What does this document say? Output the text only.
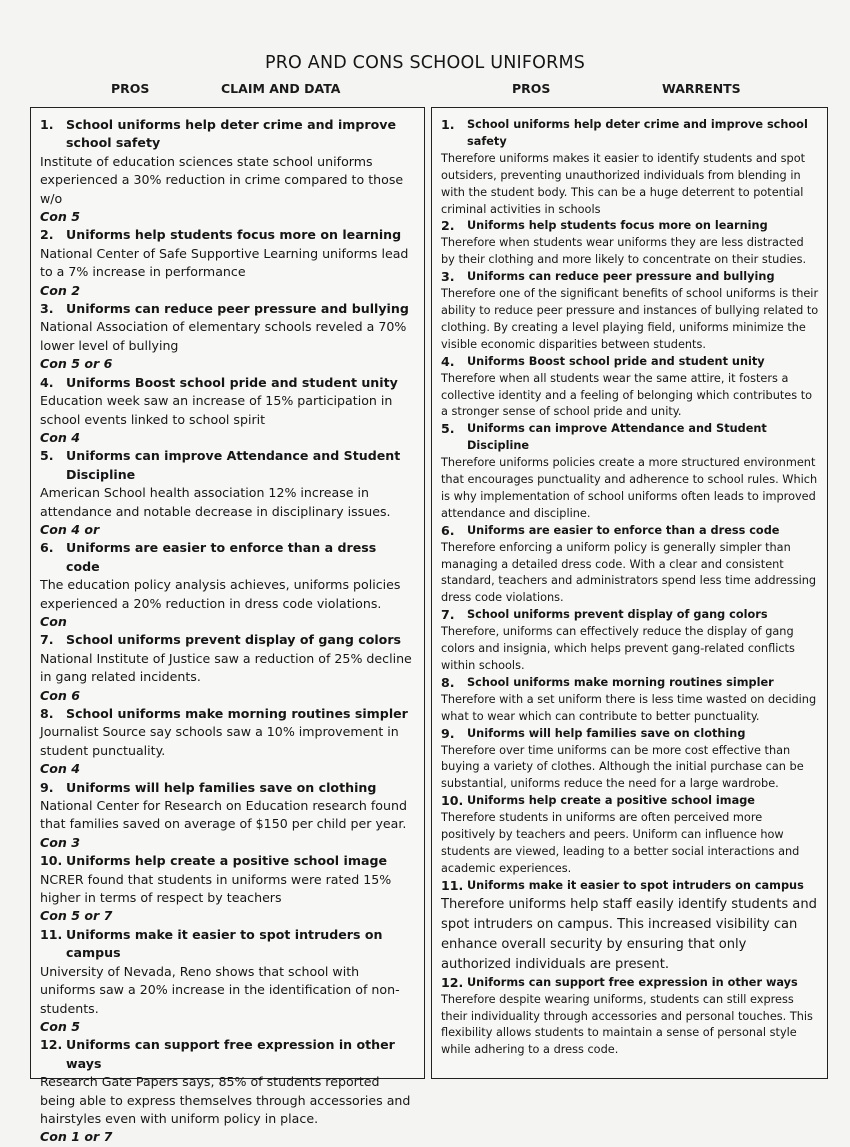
PRO AND CONS SCHOOL UNIFORMS
PROS	CLAIM AND DATA	PROS	WARRENTS
1. School uniforms help deter crime and improve school safety
Institute of education sciences state school uniforms experienced a 30% reduction in crime compared to those w/o
Con 5
2. Uniforms help students focus more on learning
National Center of Safe Supportive Learning uniforms lead to a 7% increase in performance
Con 2
3. Uniforms can reduce peer pressure and bullying
National Association of elementary schools reveled a 70% lower level of bullying
Con 5 or 6
4. Uniforms Boost school pride and student unity
Education week saw an increase of 15% participation in school events linked to school spirit
Con 4
5. Uniforms can improve Attendance and Student Discipline
American School health association 12% increase in attendance and notable decrease in disciplinary issues.
Con 4 or
6. Uniforms are easier to enforce than a dress code
The education policy analysis achieves, uniforms policies experienced a 20% reduction in dress code violations.
Con
7. School uniforms prevent display of gang colors
National Institute of Justice saw a reduction of 25% decline in gang related incidents.
Con 6
8. School uniforms make morning routines simpler
Journalist Source say schools saw a 10% improvement in student punctuality.
Con 4
9. Uniforms will help families save on clothing
National Center for Research on Education research found that families saved on average of $150 per child per year.
Con 3
10. Uniforms help create a positive school image
NCRER found that students in uniforms were rated 15% higher in terms of respect by teachers
Con 5 or 7
11. Uniforms make it easier to spot intruders on campus
University of Nevada, Reno shows that school with uniforms saw a 20% increase in the identification of non-students.
Con 5
12. Uniforms can support free expression in other ways
Research Gate Papers says, 85% of students reported being able to express themselves through accessories and hairstyles even with uniform policy in place.
Con 1 or 7
1.	School uniforms help deter crime and improve school safety
Therefore uniforms makes it easier to identify students and spot outsiders, preventing unauthorized individuals from blending in with the student body. This can be a huge deterrent to potential criminal activities in schools
2.	Uniforms help students focus more on learning
Therefore when students wear uniforms they are less distracted by their clothing and more likely to concentrate on their studies.
3.	Uniforms can reduce peer pressure and bullying
Therefore one of the significant benefits of school uniforms is their ability to reduce peer pressure and instances of bullying related to clothing. By creating a level playing field, uniforms minimize the visible economic disparities between students.
4.	Uniforms Boost school pride and student unity
Therefore when all students wear the same attire, it fosters a collective identity and a feeling of belonging which contributes to a stronger sense of school pride and unity.
5.	Uniforms can improve Attendance and Student Discipline
Therefore uniforms policies create a more structured environment that encourages punctuality and adherence to school rules. Which is why implementation of school uniforms often leads to improved attendance and discipline.
6.	Uniforms are easier to enforce than a dress code
Therefore enforcing a uniform policy is generally simpler than managing a detailed dress code. With a clear and consistent standard, teachers and administrators spend less time addressing dress code violations.
7.	School uniforms prevent display of gang colors
Therefore, uniforms can effectively reduce the display of gang colors and insignia, which helps prevent gang-related conflicts within schools.
8.	School uniforms make morning routines simpler
Therefore with a set uniform there is less time wasted on deciding what to wear which can contribute to better punctuality.
9.	Uniforms will help families save on clothing
Therefore over time uniforms can be more cost effective than buying a variety of clothes. Although the initial purchase can be substantial, uniforms reduce the need for a large wardrobe.
10. Uniforms help create a positive school image
Therefore students in uniforms are often perceived more positively by teachers and peers. Uniform can influence how students are viewed, leading to a better social interactions and academic experiences.
11. Uniforms make it easier to spot intruders on campus
Therefore uniforms help staff easily identify students and spot intruders on campus. This increased visibility can enhance overall security by ensuring that only authorized individuals are present.
12. Uniforms can support free expression in other ways
Therefore despite wearing uniforms, students can still express their individuality through accessories and personal touches. This flexibility allows students to maintain a sense of personal style while adhering to a dress code.
